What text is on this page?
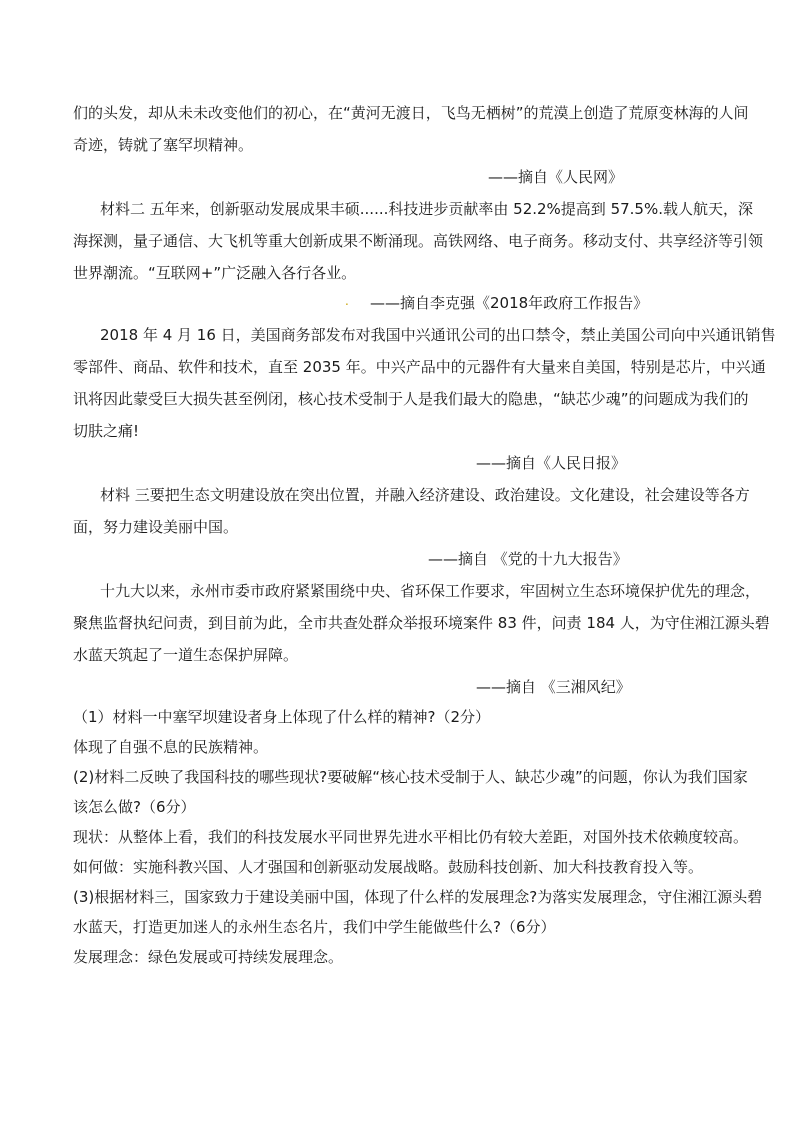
们的头发，却从未未改变他们的初心，在“黄河无渡日，飞鸟无栖树”的荒漠上创造了荒原变林海的人间
奇迹，铸就了塞罕坝精神。
——摘自《人民网》
材料二 五年来，创新驱动发展成果丰硕......科技进步贡献率由 52.2%提高到 57.5%.载人航天，深
海探测，量子通信、大飞机等重大创新成果不断涌现。高铁网络、电子商务。移动支付、共享经济等引领
世界潮流。“互联网+”广泛融入各行各业。
. ——摘自李克强《2018年政府工作报告》
2018 年 4 月 16 日，美国商务部发布对我国中兴通讯公司的出口禁令，禁止美国公司向中兴通讯销售
零部件、商品、软件和技术，直至 2035 年。中兴产品中的元器件有大量来自美国，特别是芯片，中兴通
讯将因此蒙受巨大损失甚至例闭，核心技术受制于人是我们最大的隐患，“缺芯少魂”的问题成为我们的
切肤之痛!
——摘自《人民日报》
材料 三要把生态文明建设放在突出位置，并融入经济建设、政治建设。文化建设，社会建设等各方
面，努力建设美丽中国。
——摘自 《党的十九大报告》
十九大以来，永州市委市政府紧紧围绕中央、省环保工作要求，牢固树立生态环境保护优先的理念，
聚焦监督执纪问责，到目前为此，全市共查处群众举报环境案件 83 件，问责 184 人，为守住湘江源头碧
水蓝天筑起了一道生态保护屏障。
——摘自 《三湘风纪》
（1）材料一中塞罕坝建设者身上体现了什么样的精神?（2分）
体现了自强不息的民族精神。
(2)材料二反映了我国科技的哪些现状?要破解“核心技术受制于人、缺芯少魂”的问题，你认为我们国家
该怎么做?（6分）
现状：从整体上看，我们的科技发展水平同世界先进水平相比仍有较大差距，对国外技术依赖度较高。
如何做：实施科教兴国、人才强国和创新驱动发展战略。鼓励科技创新、加大科技教育投入等。
(3)根据材料三，国家致力于建设美丽中国，体现了什么样的发展理念?为落实发展理念，守住湘江源头碧
水蓝天，打造更加迷人的永州生态名片，我们中学生能做些什么?（6分）
发展理念：绿色发展或可持续发展理念。
